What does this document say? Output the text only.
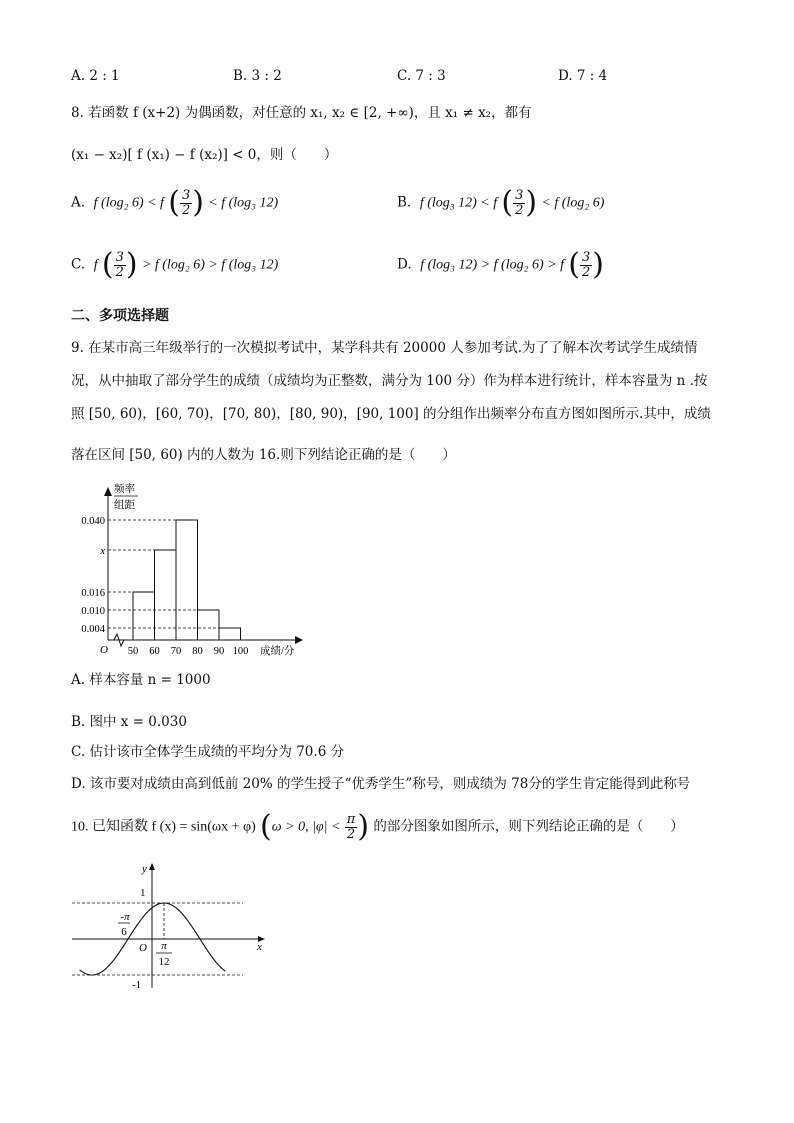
A. 2 : 1	B. 3 : 2	C. 7 : 3	D. 7 : 4
8. 若函数 f (x+2) 为偶函数，对任意的 x₁, x₂ ∈ [2, +∞)，且 x₁ ≠ x₂，都有
(x₁ − x₂)[ f (x₁) − f (x₂)] < 0，则（　　）
A. f (log₂ 6) < f ( $\frac{3}{2}$ ) < f (log₃ 12)	B. f (log₃ 12) < f ( $\frac{3}{2}$ ) < f (log₂ 6)
C. f ( $\frac{3}{2}$ ) > f (log₂ 6) > f (log₃ 12)	D. f (log₃ 12) > f (log₂ 6) > f ( $\frac{3}{2}$ )
二、多项选择题
9. 在某市高三年级举行的一次模拟考试中，某学科共有 20000 人参加考试.为了了解本次考试学生成绩情
况，从中抽取了部分学生的成绩（成绩均为正整数，满分为 100 分）作为样本进行统计，样本容量为 n .按
照 [50, 60)，[60, 70)，[70, 80)，[80, 90)，[90, 100] 的分组作出频率分布直方图如图所示.其中，成绩
落在区间 [50, 60) 内的人数为 16.则下列结论正确的是（　　）
频率
组距
O
0.040
x
0.016
0.010
0.004
50 60 70 80 90 100 成绩/分
A. 样本容量 n = 1000
B. 图中 x = 0.030
C. 估计该市全体学生成绩的平均分为 70.6 分
D. 该市要对成绩由高到低前 20% 的学生授子“优秀学生”称号，则成绩为 78分的学生肯定能得到此称号
10. 已知函数 f (x) = sin(ωx + φ) (ω > 0, $|\varphi| < \frac{\pi}{2}$ ) 的部分图象如图所示，则下列结论正确的是（　　）
y
x
O
1
-1
-π
6
π
12
